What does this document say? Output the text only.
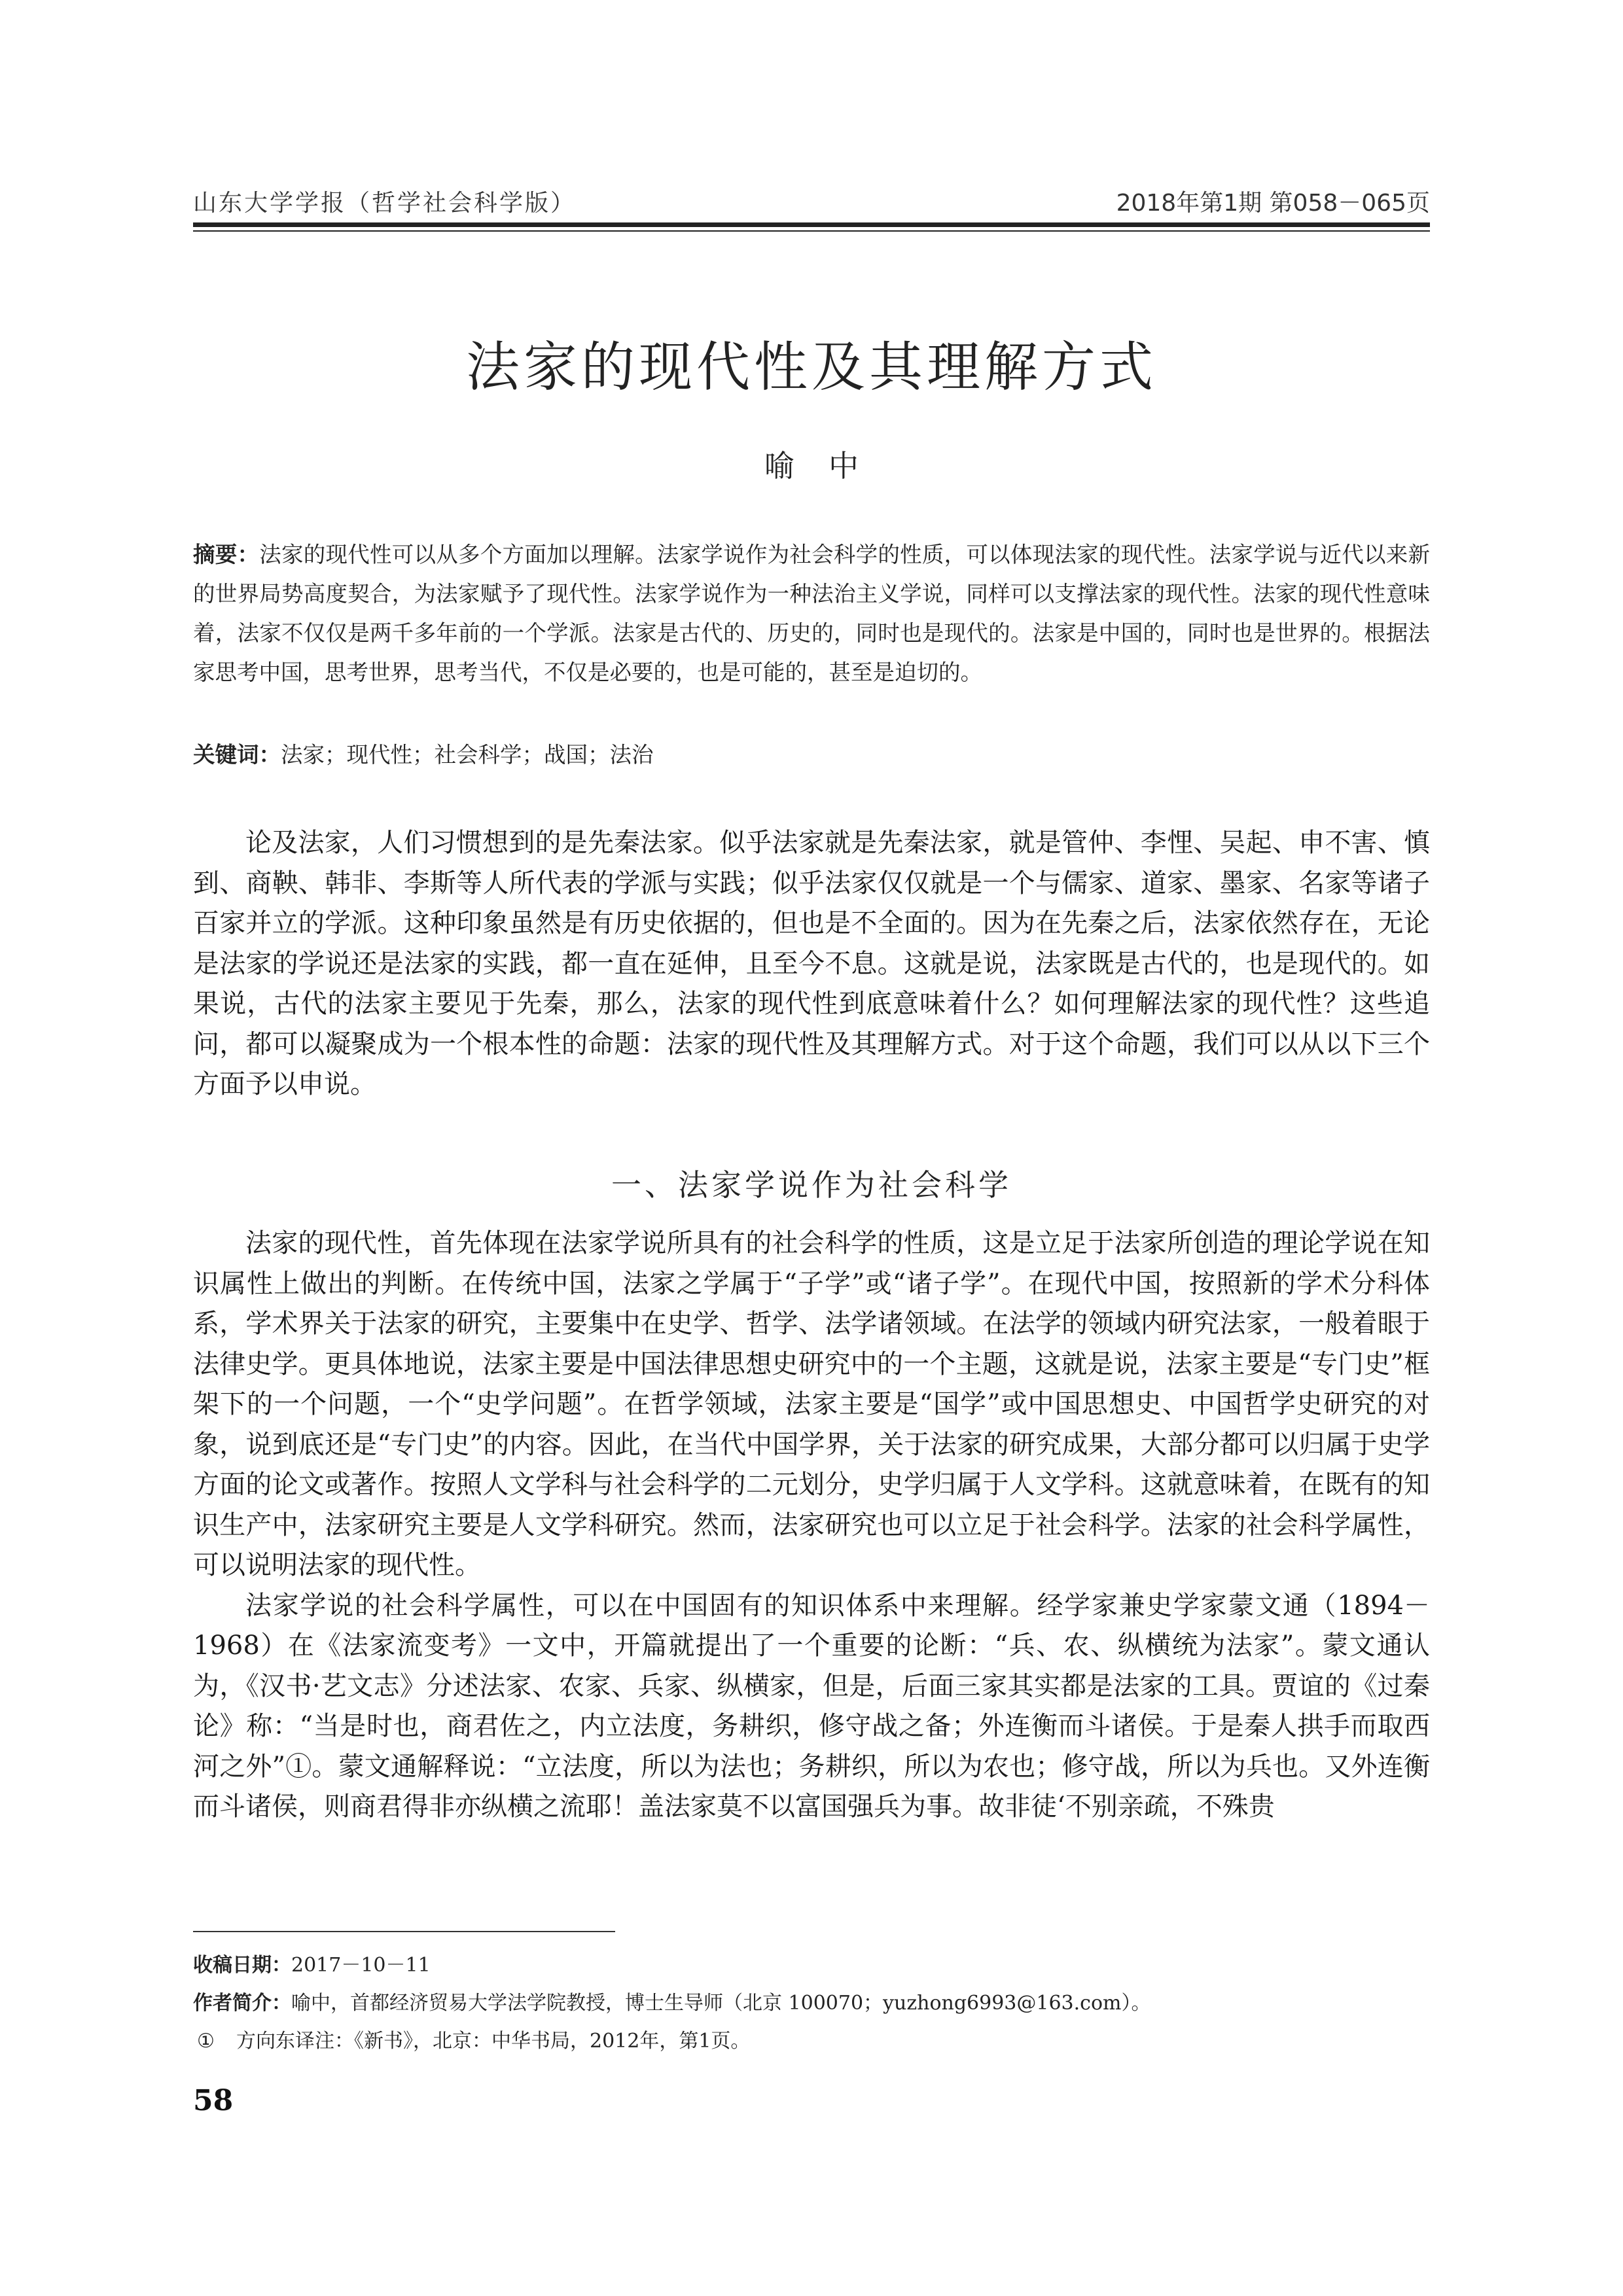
山东大学学报（哲学社会科学版）	2018年第1期 第058－065页
法家的现代性及其理解方式
喻中
摘要：法家的现代性可以从多个方面加以理解。法家学说作为社会科学的性质，可以体现法家的现代性。法家学说与近代以来新的世界局势高度契合，为法家赋予了现代性。法家学说作为一种法治主义学说，同样可以支撑法家的现代性。法家的现代性意味着，法家不仅仅是两千多年前的一个学派。法家是古代的、历史的，同时也是现代的。法家是中国的，同时也是世界的。根据法家思考中国，思考世界，思考当代，不仅是必要的，也是可能的，甚至是迫切的。
关键词：法家；现代性；社会科学；战国；法治

论及法家，人们习惯想到的是先秦法家。似乎法家就是先秦法家，就是管仲、李悝、吴起、申不害、慎到、商鞅、韩非、李斯等人所代表的学派与实践；似乎法家仅仅就是一个与儒家、道家、墨家、名家等诸子百家并立的学派。这种印象虽然是有历史依据的，但也是不全面的。因为在先秦之后，法家依然存在，无论是法家的学说还是法家的实践，都一直在延伸，且至今不息。这就是说，法家既是古代的，也是现代的。如果说，古代的法家主要见于先秦，那么，法家的现代性到底意味着什么？如何理解法家的现代性？这些追问，都可以凝聚成为一个根本性的命题：法家的现代性及其理解方式。对于这个命题，我们可以从以下三个方面予以申说。

一、法家学说作为社会科学

法家的现代性，首先体现在法家学说所具有的社会科学的性质，这是立足于法家所创造的理论学说在知识属性上做出的判断。在传统中国，法家之学属于“子学”或“诸子学”。在现代中国，按照新的学术分科体系，学术界关于法家的研究，主要集中在史学、哲学、法学诸领域。在法学的领域内研究法家，一般着眼于法律史学。更具体地说，法家主要是中国法律思想史研究中的一个主题，这就是说，法家主要是“专门史”框架下的一个问题，一个“史学问题”。在哲学领域，法家主要是“国学”或中国思想史、中国哲学史研究的对象，说到底还是“专门史”的内容。因此，在当代中国学界，关于法家的研究成果，大部分都可以归属于史学方面的论文或著作。按照人文学科与社会科学的二元划分，史学归属于人文学科。这就意味着，在既有的知识生产中，法家研究主要是人文学科研究。然而，法家研究也可以立足于社会科学。法家的社会科学属性，可以说明法家的现代性。

法家学说的社会科学属性，可以在中国固有的知识体系中来理解。经学家兼史学家蒙文通（1894－1968）在《法家流变考》一文中，开篇就提出了一个重要的论断：“兵、农、纵横统为法家”。蒙文通认为，《汉书·艺文志》分述法家、农家、兵家、纵横家，但是，后面三家其实都是法家的工具。贾谊的《过秦论》称：“当是时也，商君佐之，内立法度，务耕织，修守战之备；外连衡而斗诸侯。于是秦人拱手而取西河之外”①。蒙文通解释说：“立法度，所以为法也；务耕织，所以为农也；修守战，所以为兵也。又外连衡而斗诸侯，则商君得非亦纵横之流耶！盖法家莫不以富国强兵为事。故非徒‘不别亲疏，不殊贵

收稿日期：2017－10－11
作者简介：喻中，首都经济贸易大学法学院教授，博士生导师（北京 100070；yuzhong6993@163.com）。
① 方向东译注：《新书》，北京：中华书局，2012年，第1页。
58
